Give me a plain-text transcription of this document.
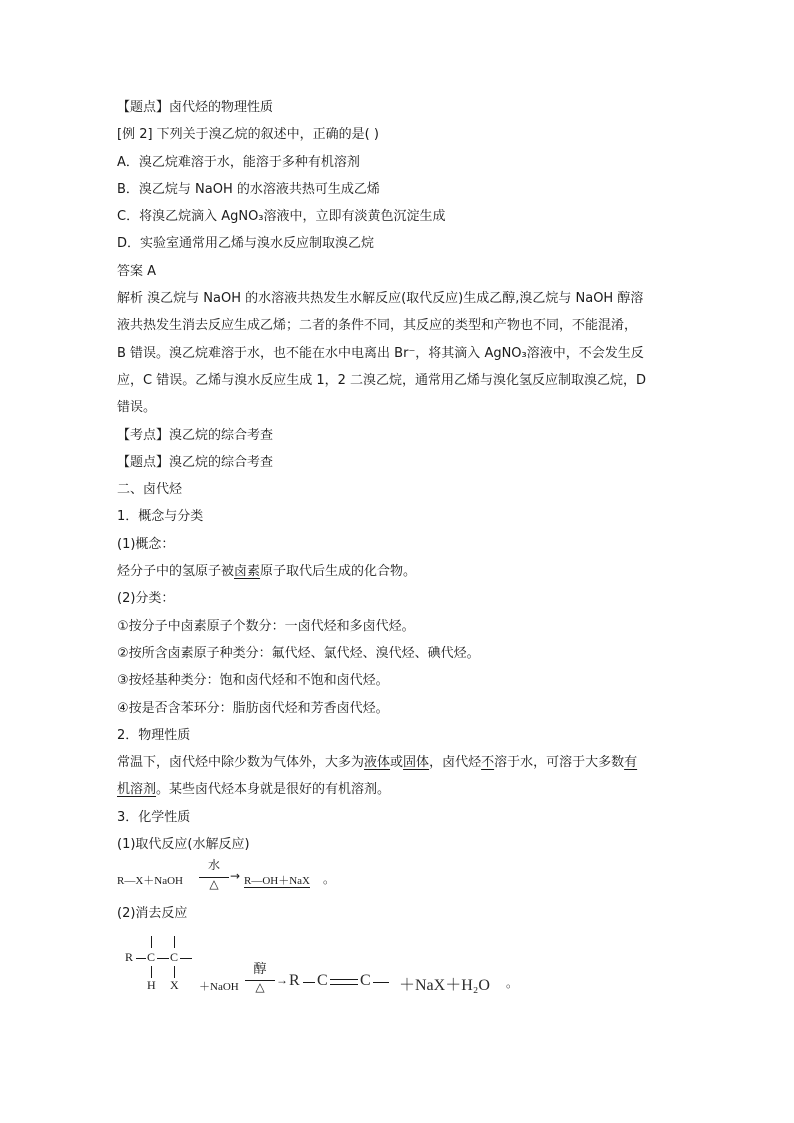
【题点】卤代烃的物理性质
[例 2] 下列关于溴乙烷的叙述中，正确的是( )
A．溴乙烷难溶于水，能溶于多种有机溶剂
B．溴乙烷与 NaOH 的水溶液共热可生成乙烯
C．将溴乙烷滴入 AgNO₃溶液中，立即有淡黄色沉淀生成
D．实验室通常用乙烯与溴水反应制取溴乙烷
答案 A
解析 溴乙烷与 NaOH 的水溶液共热发生水解反应(取代反应)生成乙醇,溴乙烷与 NaOH 醇溶
液共热发生消去反应生成乙烯；二者的条件不同，其反应的类型和产物也不同，不能混淆，
B 错误。溴乙烷难溶于水，也不能在水中电离出 Br⁻，将其滴入 AgNO₃溶液中，不会发生反
应，C 错误。乙烯与溴水反应生成 1，2 二溴乙烷，通常用乙烯与溴化氢反应制取溴乙烷，D
错误。
【考点】溴乙烷的综合考查
【题点】溴乙烷的综合考查
二、卤代烃
1．概念与分类
(1)概念：
烃分子中的氢原子被卤素原子取代后生成的化合物。
(2)分类：
①按分子中卤素原子个数分：一卤代烃和多卤代烃。
②按所含卤素原子种类分：氟代烃、氯代烃、溴代烃、碘代烃。
③按烃基种类分：饱和卤代烃和不饱和卤代烃。
④按是否含苯环分：脂肪卤代烃和芳香卤代烃。
2．物理性质
常温下，卤代烃中除少数为气体外，大多为液体或固体，卤代烃不溶于水，可溶于大多数有
机溶剂。某些卤代烃本身就是很好的有机溶剂。
3．化学性质
(1)取代反应(水解反应)
R—X＋NaOH
水
△
→ R—OH＋NaX 。
(2)消去反应
R C C
H X ＋NaOH
醇
△ → R C C ＋NaX＋H₂O 。
